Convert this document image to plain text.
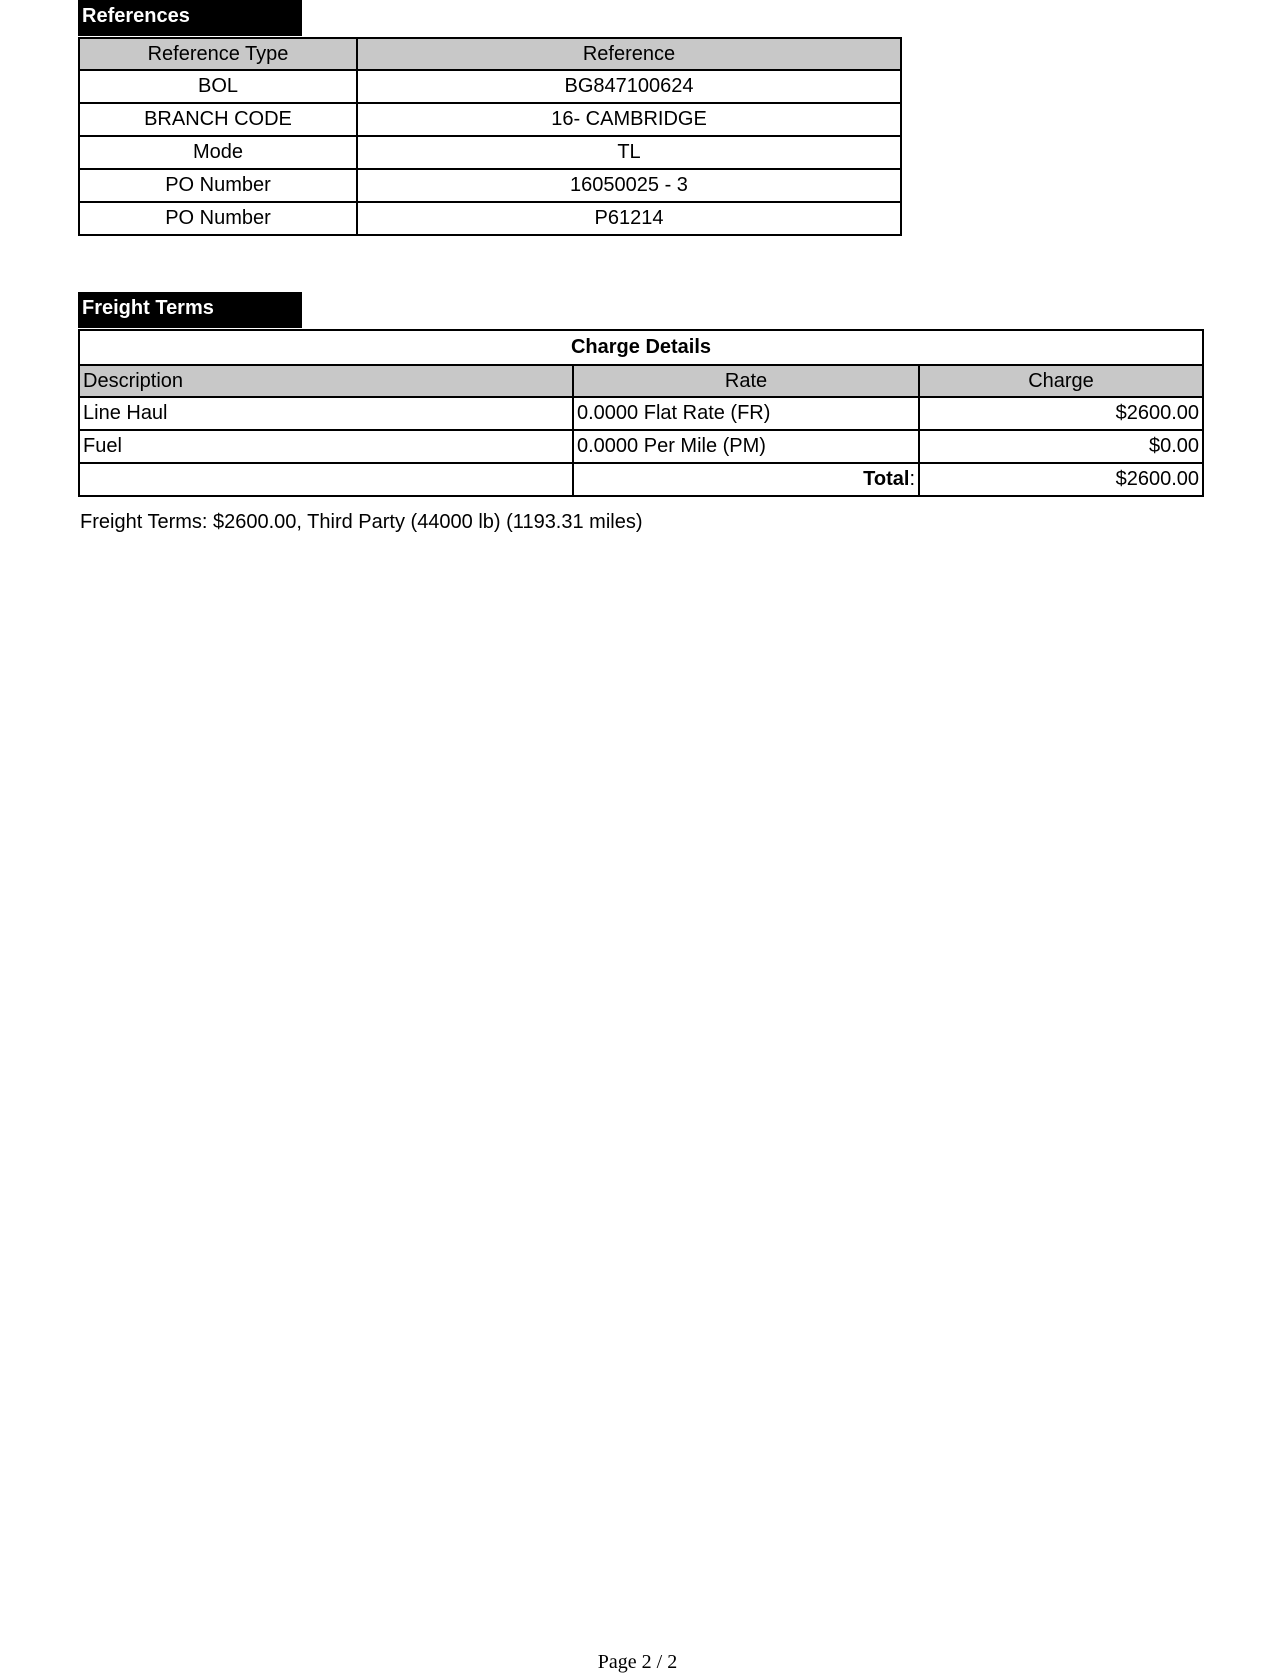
References
Reference Type	Reference
BOL	BG847100624
BRANCH CODE	16- CAMBRIDGE
Mode	TL
PO Number	16050025 - 3
PO Number	P61214
Freight Terms
Charge Details		
Description	Rate	Charge
Line Haul	0.0000 Flat Rate (FR)	$2600.00
Fuel	0.0000 Per Mile (PM)	$0.00
	Total:	$2600.00
Freight Terms: $2600.00, Third Party (44000 lb) (1193.31 miles)
Page 2 / 2
